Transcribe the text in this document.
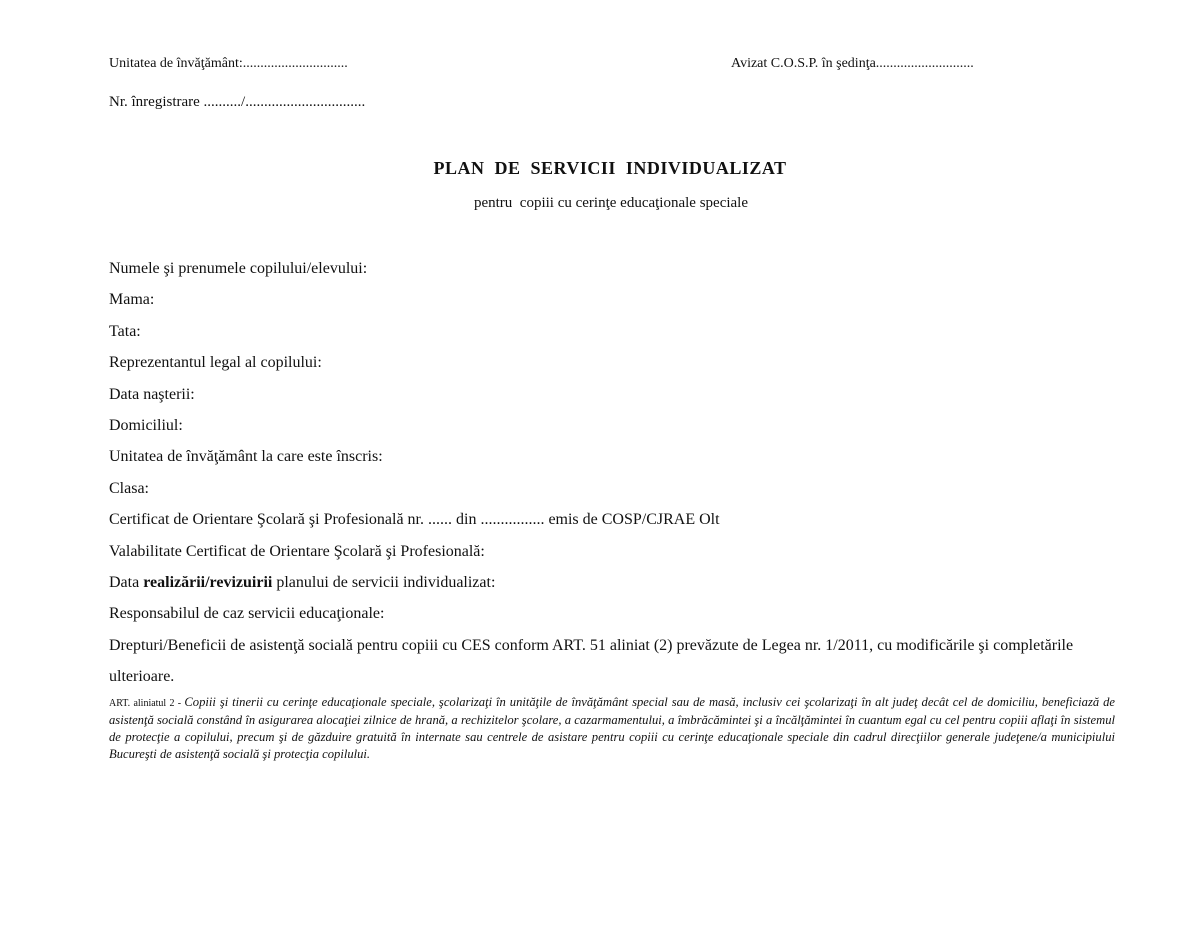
Unitatea de învăţământ:..............................	Avizat C.O.S.P. în şedinţa............................
Nr. înregistrare ........../................................
PLAN  DE  SERVICII  INDIVIDUALIZAT
pentru  copiii cu cerinţe educaţionale speciale
Numele şi prenumele copilului/elevului:
Mama:
Tata:
Reprezentantul legal al copilului:
Data naşterii:
Domiciliul:
Unitatea de învăţământ la care este înscris:
Clasa:
Certificat de Orientare Şcolară şi Profesională nr. ...... din ................ emis de COSP/CJRAE Olt
Valabilitate Certificat de Orientare Şcolară şi Profesională:
Data realizării/revizuirii planului de servicii individualizat:
Responsabilul de caz servicii educaţionale:
Drepturi/Beneficii de asistenţă socială pentru copiii cu CES conform ART. 51 aliniat (2) prevăzute de Legea nr. 1/2011, cu modificările şi completările ulterioare.
ART. aliniatul 2 - Copiii şi tinerii cu cerinţe educaţionale speciale, şcolarizaţi în unităţile de învăţământ special sau de masă, inclusiv cei şcolarizaţi în alt judeţ decât cel de domiciliu, beneficiază de asistenţă socială constând în asigurarea alocaţiei zilnice de hrană, a rechizitelor şcolare, a cazarmamentului, a îmbrăcămintei şi a încălţămintei în cuantum egal cu cel pentru copiii aflaţi în sistemul de protecţie a copilului, precum şi de găzduire gratuită în internate sau centrele de asistare pentru copiii cu cerinţe educaţionale speciale din cadrul direcţiilor generale judeţene/a municipiului Bucureşti de asistenţă socială şi protecţia copilului.
